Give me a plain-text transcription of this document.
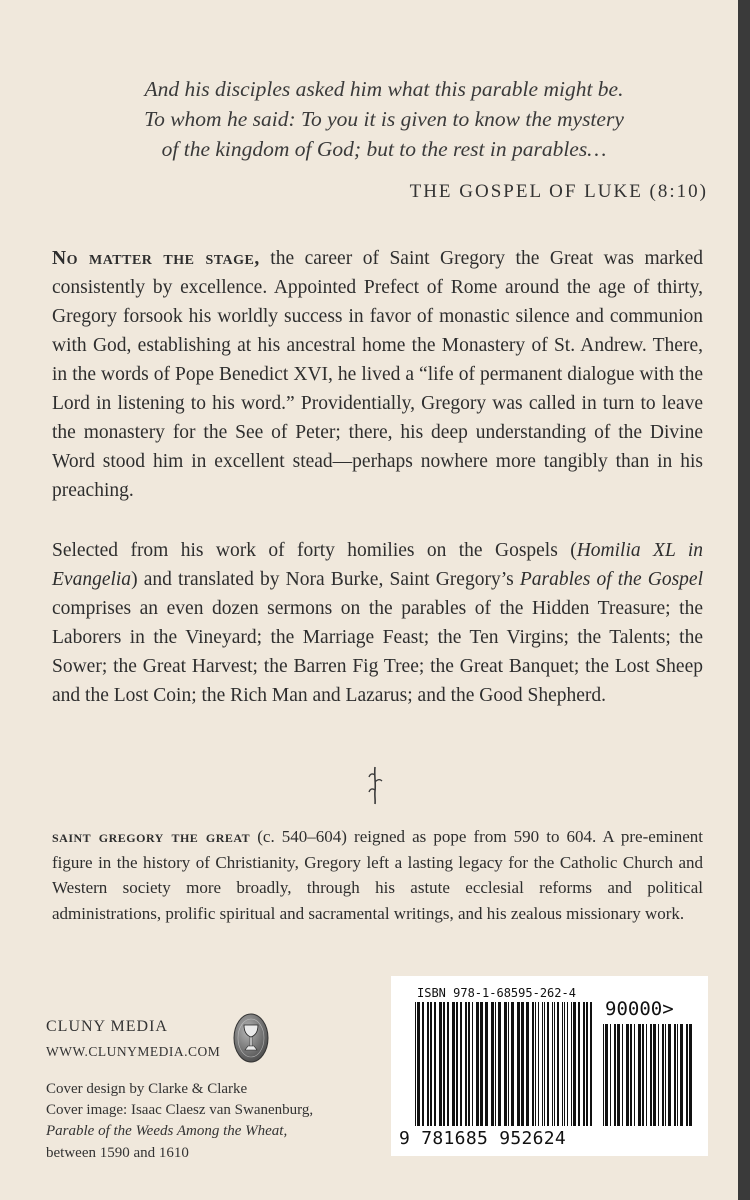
And his disciples asked him what this parable might be.
To whom he said: To you it is given to know the mystery
of the kingdom of God; but to the rest in parables…
THE GOSPEL OF LUKE (8:10)
No matter the stage, the career of Saint Gregory the Great was marked consistently by excellence. Appointed Prefect of Rome around the age of thirty, Gregory forsook his worldly success in favor of monastic silence and communion with God, establishing at his ancestral home the Monastery of St. Andrew. There, in the words of Pope Benedict XVI, he lived a “life of permanent dialogue with the Lord in listening to his word.” Providentially, Gregory was called in turn to leave the monastery for the See of Peter; there, his deep understanding of the Divine Word stood him in excellent stead—perhaps nowhere more tangibly than in his preaching.
Selected from his work of forty homilies on the Gospels (Homilia XL in Evangelia) and translated by Nora Burke, Saint Gregory’s Parables of the Gospel comprises an even dozen sermons on the parables of the Hidden Treasure; the Laborers in the Vineyard; the Marriage Feast; the Ten Virgins; the Talents; the Sower; the Great Harvest; the Barren Fig Tree; the Great Banquet; the Lost Sheep and the Lost Coin; the Rich Man and Lazarus; and the Good Shepherd.
saint gregory the great (c. 540–604) reigned as pope from 590 to 604. A pre-eminent figure in the history of Christianity, Gregory left a lasting legacy for the Catholic Church and Western society more broadly, through his astute ecclesial reforms and political administrations, prolific spiritual and sacramental writings, and his zealous missionary work.
CLUNY MEDIA
WWW.CLUNYMEDIA.COM
Cover design by Clarke & Clarke
Cover image: Isaac Claesz van Swanenburg,
Parable of the Weeds Among the Wheat,
between 1590 and 1610
ISBN 978-1-68595-262-4
90000>
9 781685 952624
